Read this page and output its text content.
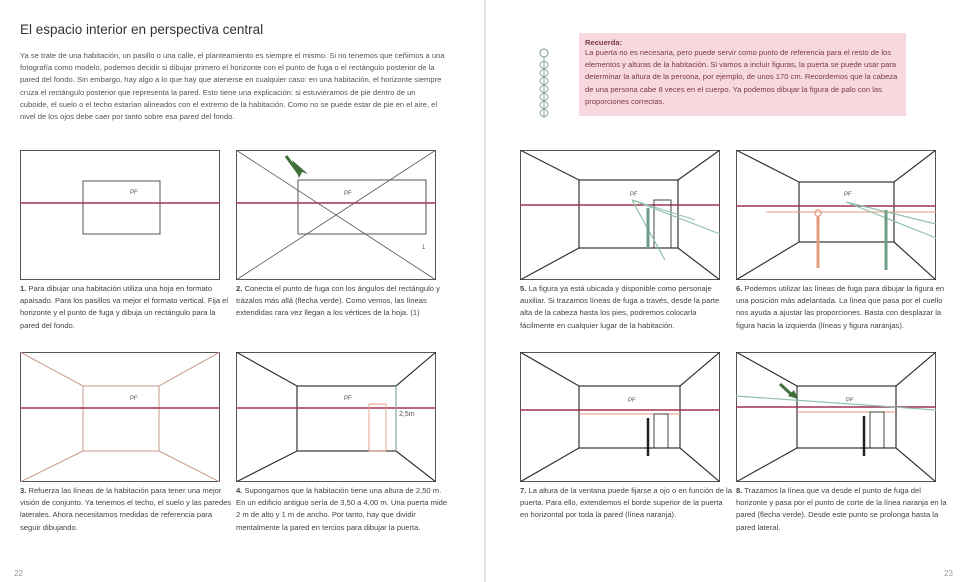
El espacio interior en perspectiva central
Ya se trate de una habitación, un pasillo o una calle, el planteamiento es siempre el mismo. Si no tenemos que ceñirnos a una fotografía como modelo, podemos decidir si dibujar primero el horizonte con el punto de fuga o el rectángulo posterior de la pared del fondo. Sin embargo, hay algo a lo que hay que atenerse en cualquier caso: en una habitación, el horizonte siempre cruza el rectángulo posterior que representa la pared. Esto tiene una explicación: si estuviéramos de pie dentro de un cuboide, el suelo o el techo estarían alineados con el extremo de la habitación. Como no se puede estar de pie en el aire, el nivel de los ojos debe caer por tanto sobre esa pared del fondo.
Recuerda:
La puerta no es necesaria, pero puede servir como punto de referencia para el resto de los elementos y alturas de la habitación. Si vamos a incluir figuras, la puerta se puede usar para determinar la altura de la persona, por ejemplo, de unos 170 cm. Recordemos que la cabeza de una persona cabe 8 veces en el cuerpo. Ya podemos dibujar la figura de palo con las proporciones correctas.
PF	PF
1
PF	PF
2,5m
PF	PF
PF	PF
1. Para dibujar una habitación utiliza una hoja en formato apaisado. Para los pasillos va mejor el formato vertical. Fija el horizonte y el punto de fuga y dibuja un rectángulo para la pared del fondo.
2. Conecta el punto de fuga con los ángulos del rectángulo y trázalos más allá (flecha verde). Como vemos, las líneas extendidas rara vez llegan a los vértices de la hoja. (1)
3. Refuerza las líneas de la habitación para tener una mejor visión de conjunto. Ya tenemos el techo, el suelo y las paredes laterales. Ahora necesitamos medidas de referencia para seguir dibujando.
4. Supongamos que la habitación tiene una altura de 2,50 m. En un edificio antiguo sería de 3,50 a 4,00 m. Una puerta mide 2 m de alto y 1 m de ancho. Por tanto, hay que dividir mentalmente la pared en tercios para dibujar la puerta.
5. La figura ya está ubicada y disponible como personaje auxiliar. Si trazamos líneas de fuga a través, desde la parte alta de la cabeza hasta los pies, podremos colocarla fácilmente en cualquier lugar de la habitación.
6. Podemos utilizar las líneas de fuga para dibujar la figura en una posición más adelantada. La línea que pasa por el cuello nos ayuda a ajustar las proporciones. Basta con desplazar la figura hacia la izquierda (líneas y figura naranjas).
7. La altura de la ventana puede fijarse a ojo o en función de la puerta. Para ello, extendemos el borde superior de la puerta en horizontal por toda la pared (línea naranja).
8. Trazamos la línea que va desde el punto de fuga del horizonte y pasa por el punto de corte de la línea naranja en la pared (flecha verde). Desde este punto se prolonga hasta la pared lateral.
22	23
